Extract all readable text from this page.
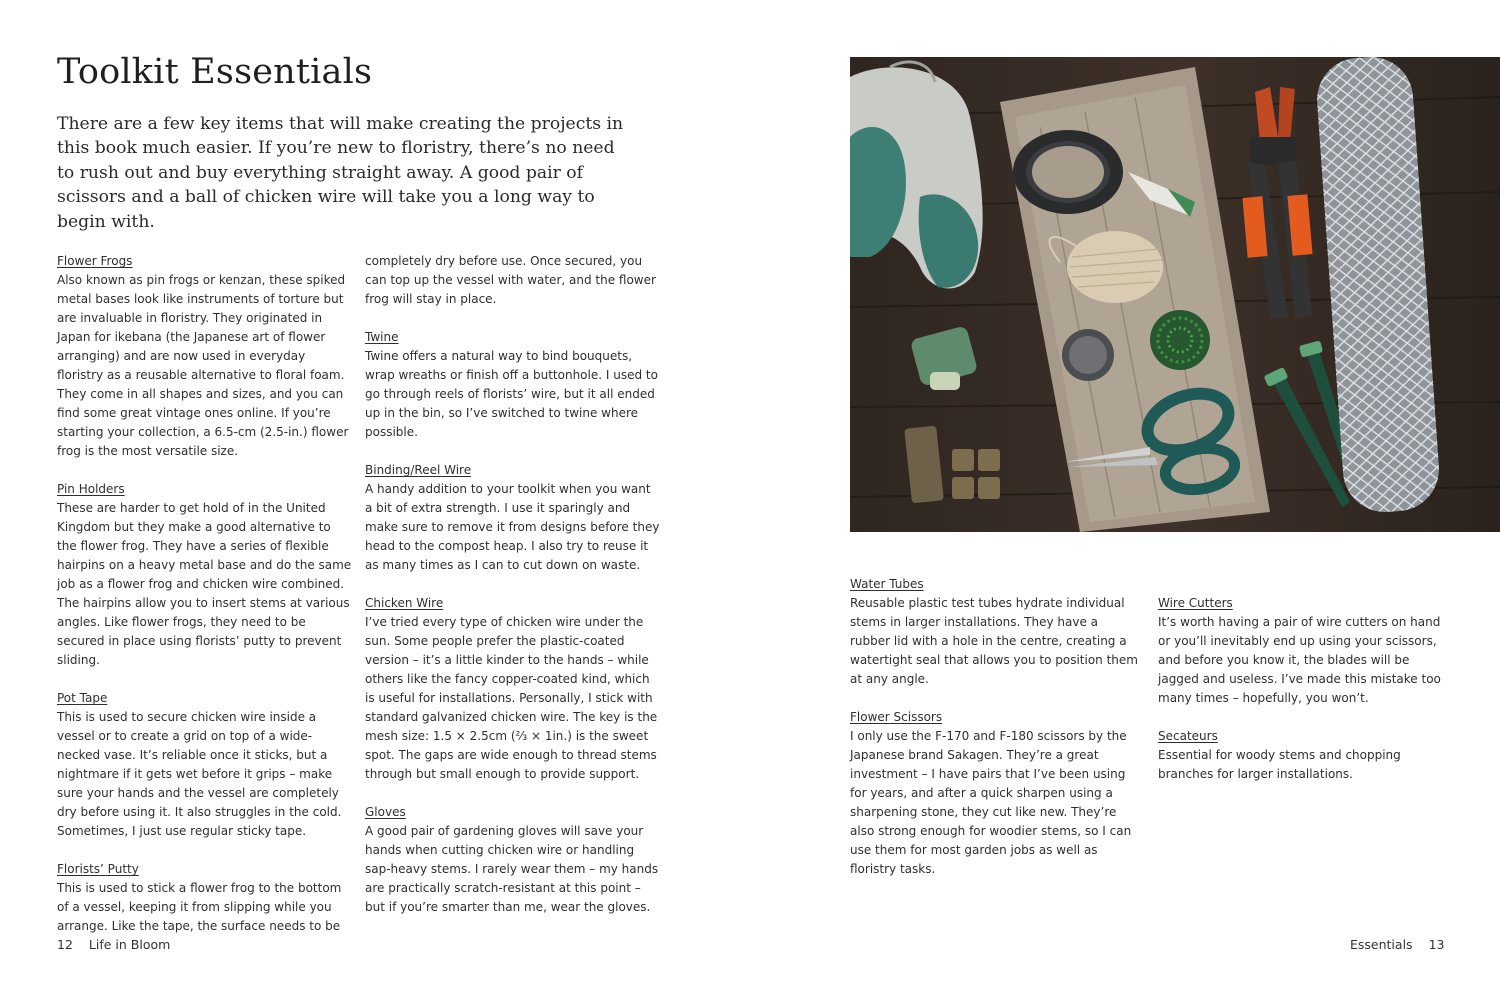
Toolkit Essentials

There are a few key items that will make creating the projects in this book much easier. If you’re new to floristry, there’s no need to rush out and buy everything straight away. A good pair of scissors and a ball of chicken wire will take you a long way to begin with.

Flower Frogs

Also known as pin frogs or kenzan, these spiked metal bases look like instruments of torture but are invaluable in floristry. They originated in Japan for ikebana (the Japanese art of flower arranging) and are now used in everyday floristry as a reusable alternative to floral foam. They come in all shapes and sizes, and you can find some great vintage ones online. If you’re starting your collection, a 6.5-cm (2.5-in.) flower frog is the most versatile size.

Pin Holders

These are harder to get hold of in the United Kingdom but they make a good alternative to the flower frog. They have a series of flexible hairpins on a heavy metal base and do the same job as a flower frog and chicken wire combined. The hairpins allow you to insert stems at various angles. Like flower frogs, they need to be secured in place using florists’ putty to prevent sliding.

Pot Tape

This is used to secure chicken wire inside a vessel or to create a grid on top of a wide-necked vase. It’s reliable once it sticks, but a nightmare if it gets wet before it grips – make sure your hands and the vessel are completely dry before using it. It also struggles in the cold. Sometimes, I just use regular sticky tape.

Florists’ Putty

This is used to stick a flower frog to the bottom of a vessel, keeping it from slipping while you arrange. Like the tape, the surface needs to be

completely dry before use. Once secured, you can top up the vessel with water, and the flower frog will stay in place.

Twine

Twine offers a natural way to bind bouquets, wrap wreaths or finish off a buttonhole. I used to go through reels of florists’ wire, but it all ended up in the bin, so I’ve switched to twine where possible.

Binding/Reel Wire

A handy addition to your toolkit when you want a bit of extra strength. I use it sparingly and make sure to remove it from designs before they head to the compost heap. I also try to reuse it as many times as I can to cut down on waste.

Chicken Wire

I’ve tried every type of chicken wire under the sun. Some people prefer the plastic-coated version – it’s a little kinder to the hands – while others like the fancy copper-coated kind, which is useful for installations. Personally, I stick with standard galvanized chicken wire. The key is the mesh size: 1.5 × 2.5cm (⅔ × 1in.) is the sweet spot. The gaps are wide enough to thread stems through but small enough to provide support.

Gloves

A good pair of gardening gloves will save your hands when cutting chicken wire or handling sap-heavy stems. I rarely wear them – my hands are practically scratch-resistant at this point – but if you’re smarter than me, wear the gloves.

Water Tubes

Reusable plastic test tubes hydrate individual stems in larger installations. They have a rubber lid with a hole in the centre, creating a watertight seal that allows you to position them at any angle.

Flower Scissors

I only use the F-170 and F-180 scissors by the Japanese brand Sakagen. They’re a great investment – I have pairs that I’ve been using for years, and after a quick sharpen using a sharpening stone, they cut like new. They’re also strong enough for woodier stems, so I can use them for most garden jobs as well as floristry tasks.

Wire Cutters

It’s worth having a pair of wire cutters on hand or you’ll inevitably end up using your scissors, and before you know it, the blades will be jagged and useless. I’ve made this mistake too many times – hopefully, you won’t.

Secateurs

Essential for woody stems and chopping branches for larger installations.

12 Life in Bloom	Essentials 13
